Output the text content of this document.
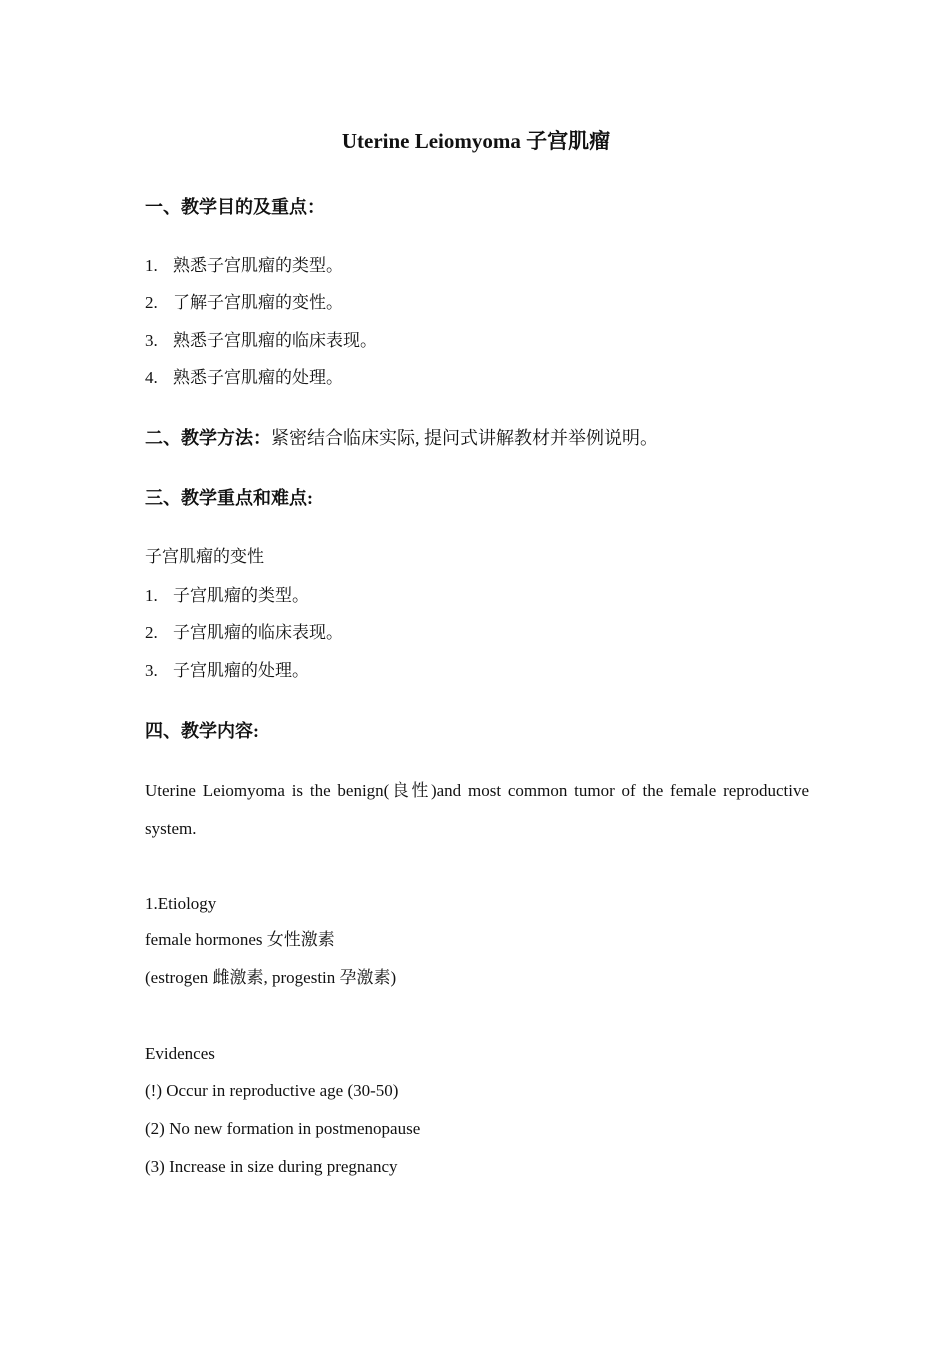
Uterine Leiomyoma 子宫肌瘤
一、教学目的及重点：
1. 熟悉子宫肌瘤的类型。
2. 了解子宫肌瘤的变性。
3. 熟悉子宫肌瘤的临床表现。
4. 熟悉子宫肌瘤的处理。
二、教学方法：紧密结合临床实际, 提问式讲解教材并举例说明。
三、教学重点和难点:
子宫肌瘤的变性
1. 子宫肌瘤的类型。
2. 子宫肌瘤的临床表现。
3. 子宫肌瘤的处理。
四、教学内容:
Uterine Leiomyoma is the benign(良性)and most common tumor of the female reproductive system.
1.Etiology
female hormones 女性激素
(estrogen 雌激素, progestin 孕激素)
Evidences
(!) Occur in reproductive age (30-50)
(2) No new formation in postmenopause
(3) Increase in size during pregnancy
